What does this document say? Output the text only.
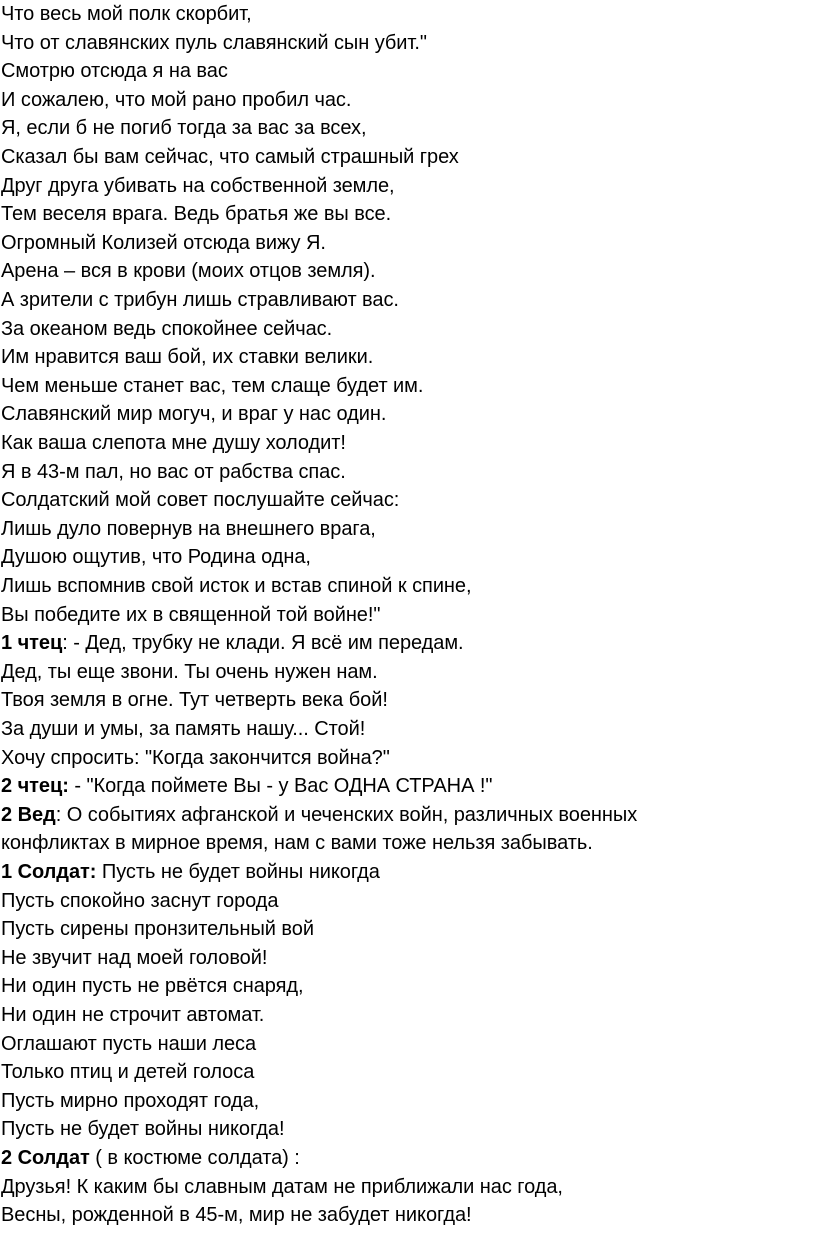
Что весь мой полк скорбит,
Что от славянских пуль славянский сын убит."
Смотрю отсюда я на вас
И сожалею, что мой рано пробил час.
Я, если б не погиб тогда за вас за всех,
Сказал бы вам сейчас, что самый страшный грех
Друг друга убивать на собственной земле,
Тем веселя врага. Ведь братья же вы все.
Огромный Колизей отсюда вижу Я.
Арена – вся в крови (моих отцов земля).
А зрители с трибун лишь стравливают вас.
За океаном ведь спокойнее сейчас.
Им нравится ваш бой, их ставки велики.
Чем меньше станет вас, тем слаще будет им.
Славянский мир могуч, и враг у нас один.
Как ваша слепота мне душу холодит!
Я в 43-м пал, но вас от рабства спас.
Солдатский мой совет послушайте сейчас:
Лишь дуло повернув на внешнего врага,
Душою ощутив, что Родина одна,
Лишь вспомнив свой исток и встав спиной к спине,
Вы победите их в священной той войне!"
1 чтец: - Дед, трубку не клади. Я всё им передам.
Дед, ты еще звони. Ты очень нужен нам.
Твоя земля в огне. Тут четверть века бой!
За души и умы, за память нашу... Стой!
Хочу спросить: "Когда закончится война?"
2 чтец: - "Когда поймете Вы - у Вас ОДНА СТРАНА !"
2 Вед: О событиях афганской и чеченских войн, различных военных
конфликтах в мирное время, нам с вами тоже нельзя забывать.
1 Солдат: Пусть не будет войны никогда
Пусть спокойно заснут города
Пусть сирены пронзительный вой
Не звучит над моей головой!
Ни один пусть не рвётся снаряд,
Ни один не строчит автомат.
Оглашают пусть наши леса
Только птиц и детей голоса
Пусть мирно проходят года,
Пусть не будет войны никогда!
2 Солдат ( в костюме солдата) :
Друзья! К каким бы славным датам не приближали нас года,
Весны, рожденной в 45-м, мир не забудет никогда!
